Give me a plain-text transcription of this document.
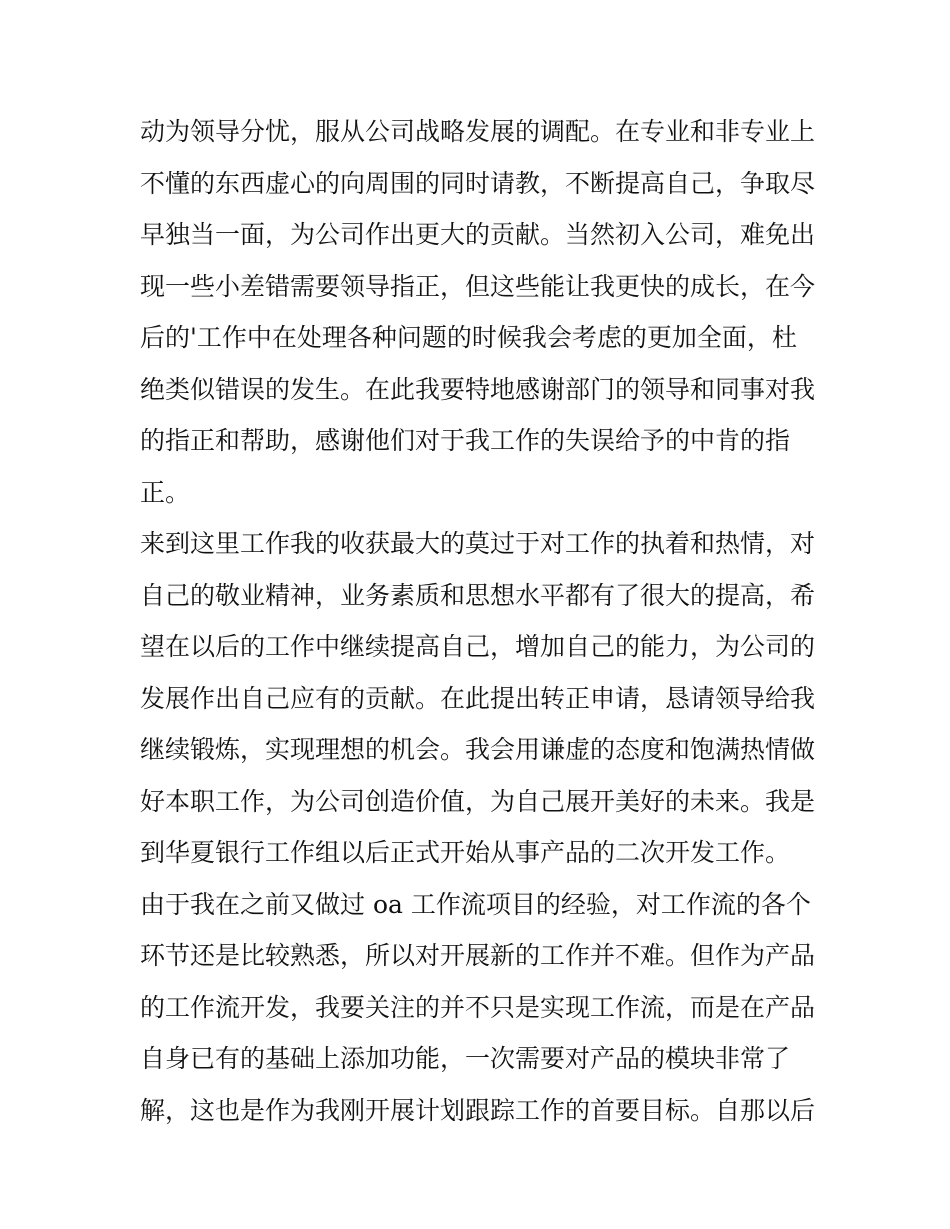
动为领导分忧，服从公司战略发展的调配。在专业和非专业上
不懂的东西虚心的向周围的同时请教，不断提高自己，争取尽
早独当一面，为公司作出更大的贡献。当然初入公司，难免出
现一些小差错需要领导指正，但这些能让我更快的成长，在今
后的'工作中在处理各种问题的时候我会考虑的更加全面，杜
绝类似错误的发生。在此我要特地感谢部门的领导和同事对我
的指正和帮助，感谢他们对于我工作的失误给予的中肯的指
正。
来到这里工作我的收获最大的莫过于对工作的执着和热情，对
自己的敬业精神，业务素质和思想水平都有了很大的提高，希
望在以后的工作中继续提高自己，增加自己的能力，为公司的
发展作出自己应有的贡献。在此提出转正申请，恳请领导给我
继续锻炼，实现理想的机会。我会用谦虚的态度和饱满热情做
好本职工作，为公司创造价值，为自己展开美好的未来。我是
到华夏银行工作组以后正式开始从事产品的二次开发工作。
由于我在之前又做过 oa 工作流项目的经验，对工作流的各个
环节还是比较熟悉，所以对开展新的工作并不难。但作为产品
的工作流开发，我要关注的并不只是实现工作流，而是在产品
自身已有的基础上添加功能，一次需要对产品的模块非常了
解，这也是作为我刚开展计划跟踪工作的首要目标。自那以后
